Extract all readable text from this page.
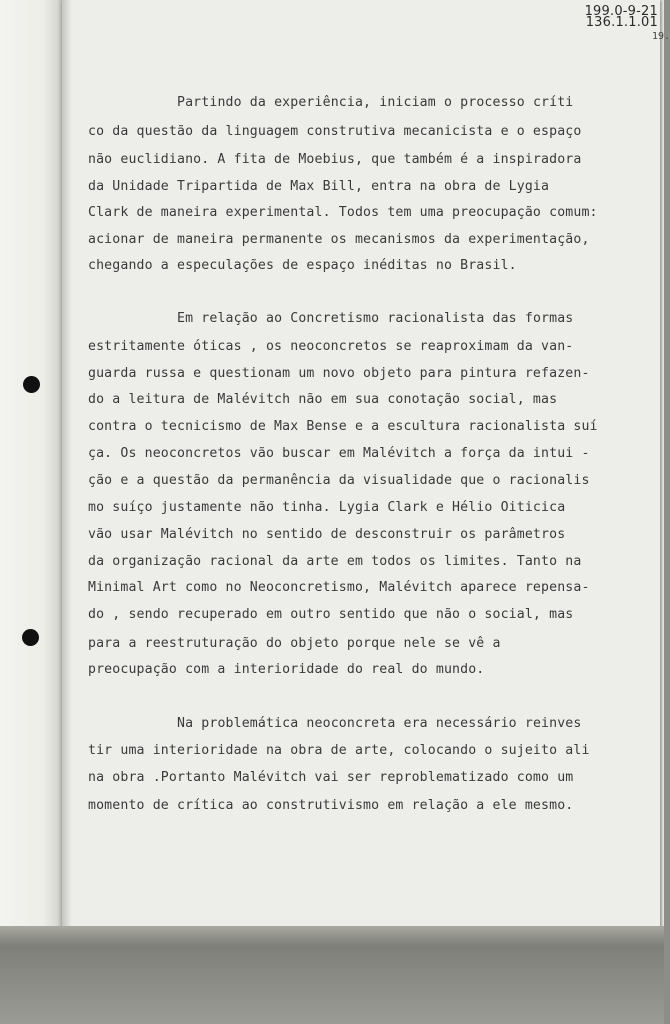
Partindo da experiência, iniciam o processo críti
co da questão da linguagem construtiva mecanicista e o espaço
não euclidiano. A fita de Moebius, que também é a inspiradora
da Unidade Tripartida de Max Bill, entra na obra de Lygia
Clark de maneira experimental. Todos tem uma preocupação comum:
acionar de maneira permanente os mecanismos da experimentação,
chegando a especulações de espaço inéditas no Brasil.
Em relação ao Concretismo racionalista das formas
estritamente óticas , os neoconcretos se reaproximam da van-
guarda russa e questionam um novo objeto para pintura refazen-
do a leitura de Malévitch não em sua conotação social, mas
contra o tecnicismo de Max Bense e a escultura racionalista suí
ça. Os neoconcretos vão buscar em Malévitch a força da intui -
ção e a questão da permanência da visualidade que o racionalis
mo suíço justamente não tinha. Lygia Clark e Hélio Oiticica
vão usar Malévitch no sentido de desconstruir os parâmetros
da organização racional da arte em todos os limites. Tanto na
Minimal Art como no Neoconcretismo, Malévitch aparece repensa-
do , sendo recuperado em outro sentido que não o social, mas
para a reestruturação do objeto porque nele se vê a
preocupação com a interioridade do real do mundo.
Na problemática neoconcreta era necessário reinves
tir uma interioridade na obra de arte, colocando o sujeito ali
na obra .Portanto Malévitch vai ser reproblematizado como um
momento de crítica ao construtivismo em relação a ele mesmo.
19.
199.0-9-21
136.1.1.01
